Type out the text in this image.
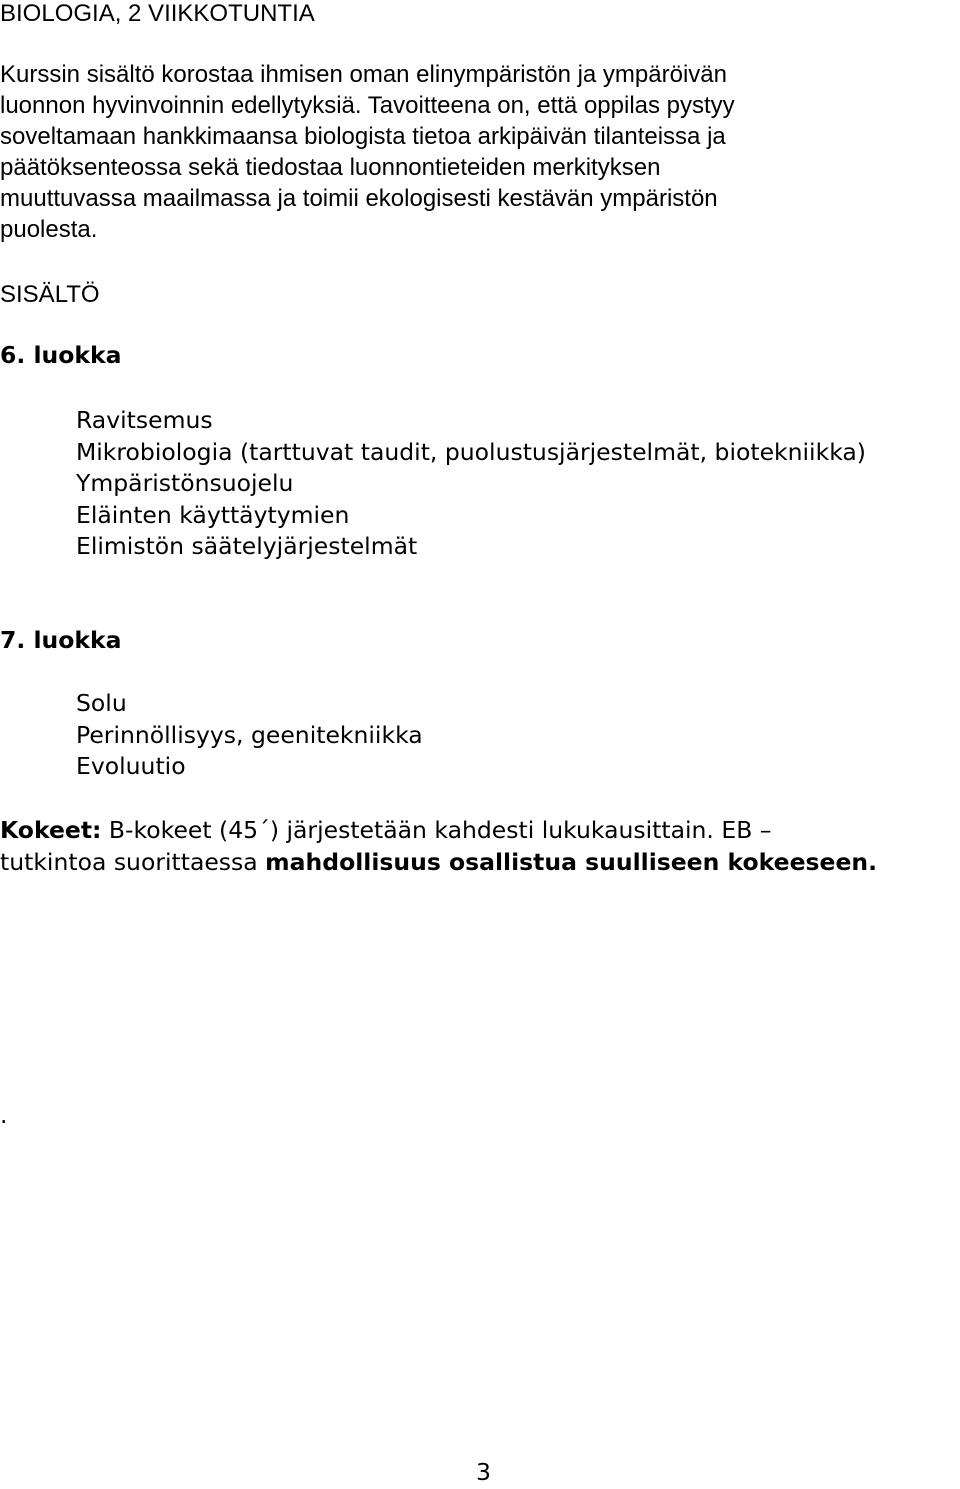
BIOLOGIA, 2 VIIKKOTUNTIA
Kurssin sisältö korostaa ihmisen oman elinympäristön ja ympäröivän
luonnon hyvinvoinnin edellytyksiä. Tavoitteena on, että oppilas pystyy
soveltamaan hankkimaansa biologista tietoa arkipäivän tilanteissa ja
päätöksenteossa sekä tiedostaa luonnontieteiden merkityksen
muuttuvassa maailmassa ja toimii ekologisesti kestävän ympäristön
puolesta.
SISÄLTÖ
6. luokka
Ravitsemus
Mikrobiologia (tarttuvat taudit, puolustusjärjestelmät, biotekniikka)
Ympäristönsuojelu
Eläinten käyttäytymien
Elimistön säätelyjärjestelmät
7. luokka
Solu
Perinnöllisyys, geenitekniikka
Evoluutio
Kokeet: B-kokeet (45´) järjestetään kahdesti lukukausittain. EB –
tutkintoa suorittaessa mahdollisuus osallistua suulliseen kokeeseen.
.
3
